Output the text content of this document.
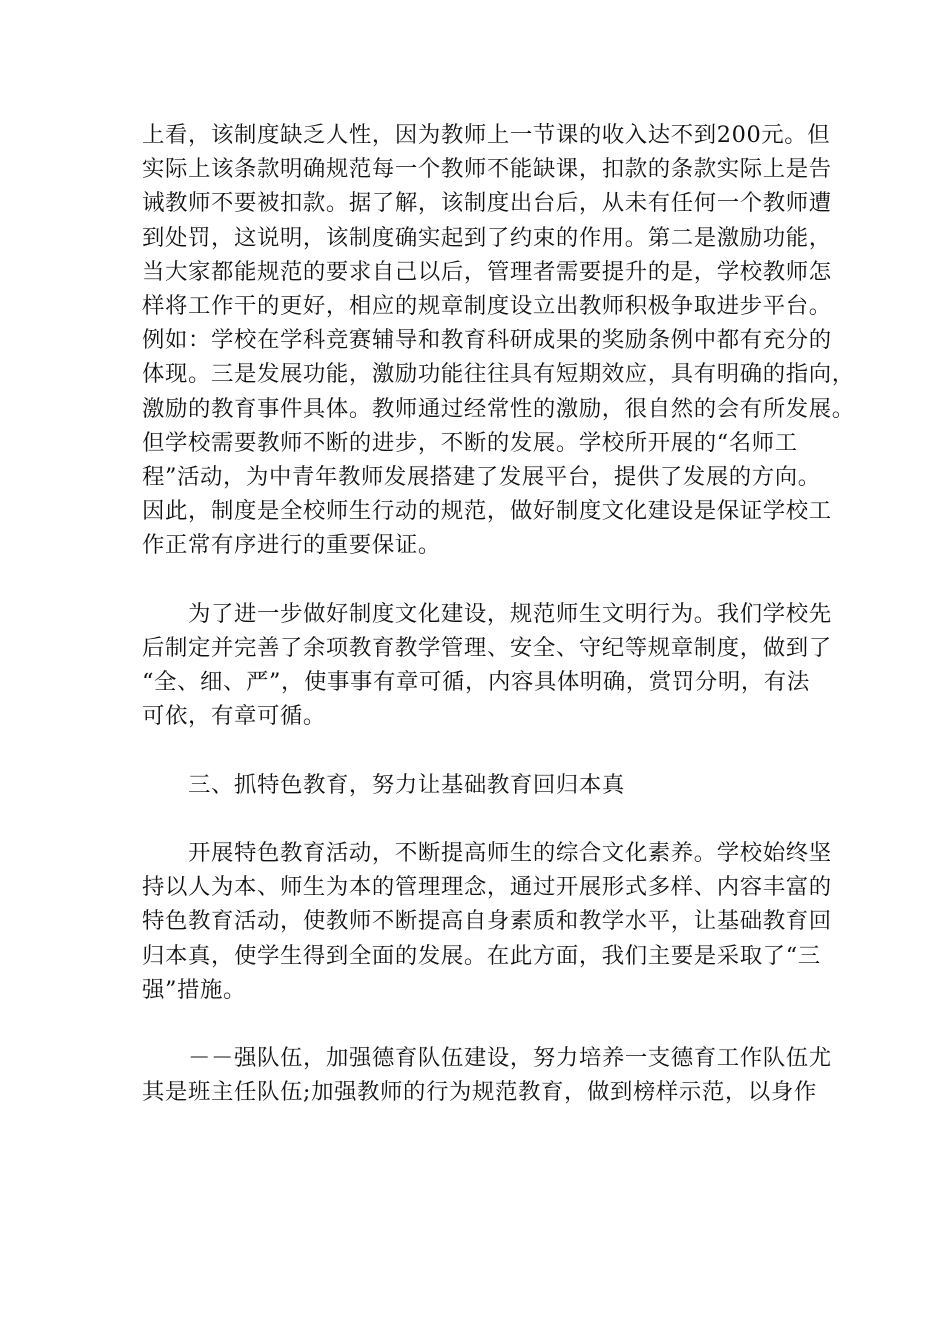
上看，该制度缺乏人性，因为教师上一节课的收入达不到200元。但
实际上该条款明确规范每一个教师不能缺课，扣款的条款实际上是告
诫教师不要被扣款。据了解，该制度出台后，从未有任何一个教师遭
到处罚，这说明，该制度确实起到了约束的作用。第二是激励功能，
当大家都能规范的要求自己以后，管理者需要提升的是，学校教师怎
样将工作干的更好，相应的规章制度设立出教师积极争取进步平台。
例如：学校在学科竞赛辅导和教育科研成果的奖励条例中都有充分的
体现。三是发展功能，激励功能往往具有短期效应，具有明确的指向，
激励的教育事件具体。教师通过经常性的激励，很自然的会有所发展。
但学校需要教师不断的进步，不断的发展。学校所开展的“名师工
程”活动，为中青年教师发展搭建了发展平台，提供了发展的方向。
因此，制度是全校师生行动的规范，做好制度文化建设是保证学校工
作正常有序进行的重要保证。
为了进一步做好制度文化建设，规范师生文明行为。我们学校先
后制定并完善了余项教育教学管理、安全、守纪等规章制度，做到了
“全、细、严”，使事事有章可循，内容具体明确，赏罚分明，有法
可依，有章可循。
三、抓特色教育，努力让基础教育回归本真
开展特色教育活动，不断提高师生的综合文化素养。学校始终坚
持以人为本、师生为本的管理理念，通过开展形式多样、内容丰富的
特色教育活动，使教师不断提高自身素质和教学水平，让基础教育回
归本真，使学生得到全面的发展。在此方面，我们主要是采取了“三
强”措施。
－－强队伍，加强德育队伍建设，努力培养一支德育工作队伍尤
其是班主任队伍;加强教师的行为规范教育，做到榜样示范，以身作
